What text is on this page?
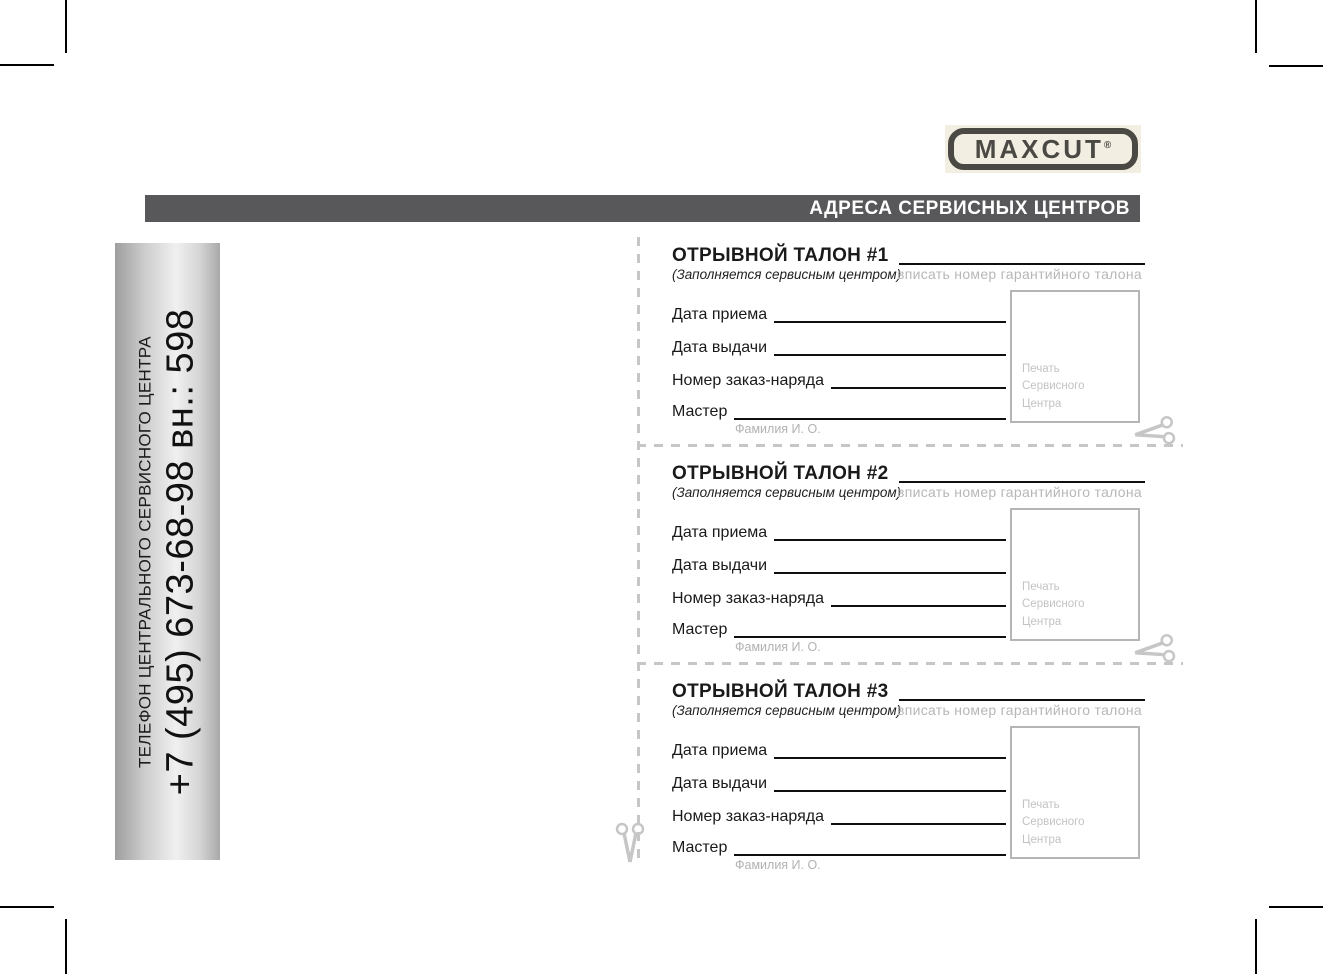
MAXCUT®
АДРЕСА СЕРВИСНЫХ ЦЕНТРОВ
ТЕЛЕФОН ЦЕНТРАЛЬНОГО СЕРВИСНОГО ЦЕНТРА +7 (495) 673-68-98 вн.: 598
ОТРЫВНОЙ ТАЛОН #1
(Заполняется сервисным центром)
вписать номер гарантийного талона
Дата приема
Дата выдачи
Номер заказ-наряда
Мастер
Фамилия И. О.
Печать
Сервисного
Центра
ОТРЫВНОЙ ТАЛОН #2
(Заполняется сервисным центром)
вписать номер гарантийного талона
Дата приема
Дата выдачи
Номер заказ-наряда
Мастер
Фамилия И. О.
Печать
Сервисного
Центра
ОТРЫВНОЙ ТАЛОН #3
(Заполняется сервисным центром)
вписать номер гарантийного талона
Дата приема
Дата выдачи
Номер заказ-наряда
Мастер
Фамилия И. О.
Печать
Сервисного
Центра
